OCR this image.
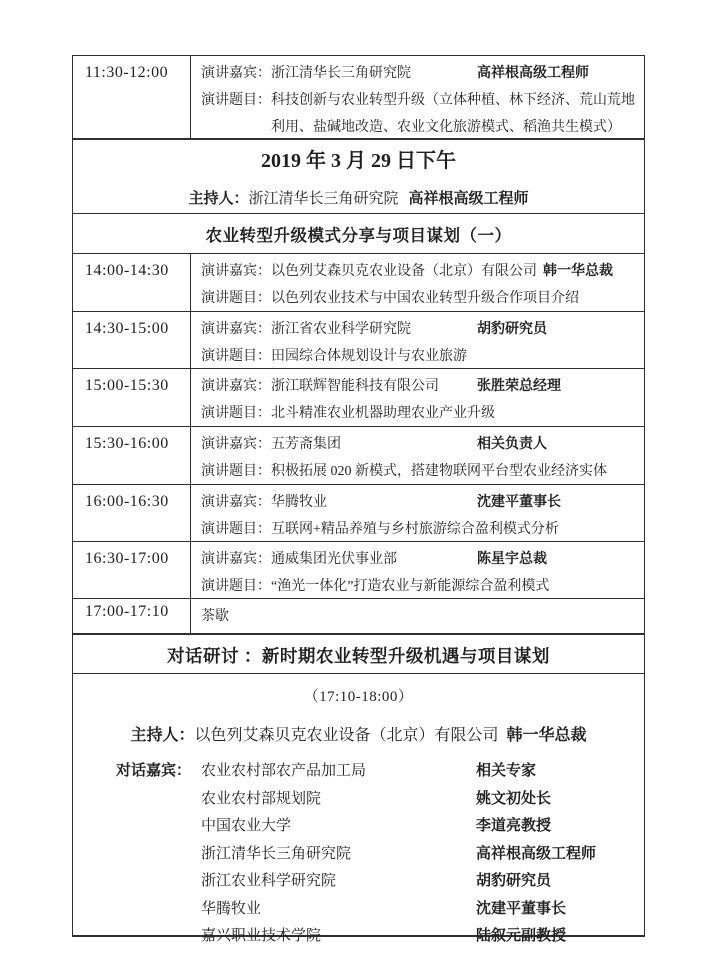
11:30-12:00	演讲嘉宾：浙江清华长三角研究院	高祥根高级工程师
演讲题目：科技创新与农业转型升级（立体种植、林下经济、荒山荒地利用、盐碱地改造、农业文化旅游模式、稻渔共生模式）
2019 年 3 月 29 日下午
主持人：浙江清华长三角研究院 高祥根高级工程师
农业转型升级模式分享与项目谋划（一）
14:00-14:30	演讲嘉宾：以色列艾森贝克农业设备（北京）有限公司 韩一华总裁
演讲题目：以色列农业技术与中国农业转型升级合作项目介绍
14:30-15:00	演讲嘉宾：浙江省农业科学研究院	胡豹研究员
演讲题目：田园综合体规划设计与农业旅游
15:00-15:30	演讲嘉宾：浙江联辉智能科技有限公司	张胜荣总经理
演讲题目：北斗精准农业机器助理农业产业升级
15:30-16:00	演讲嘉宾：五芳斋集团	相关负责人
演讲题目：积极拓展 020 新模式，搭建物联网平台型农业经济实体
16:00-16:30	演讲嘉宾：华腾牧业	沈建平董事长
演讲题目：互联网+精品养殖与乡村旅游综合盈利模式分析
16:30-17:00	演讲嘉宾：通威集团光伏事业部	陈星宇总裁
演讲题目：“渔光一体化”打造农业与新能源综合盈利模式
17:00-17:10	茶歇
对话研讨 ：新时期农业转型升级机遇与项目谋划
（17:10-18:00）
主持人：以色列艾森贝克农业设备（北京）有限公司 韩一华总裁
对话嘉宾： 农业农村部农产品加工局	相关专家
农业农村部规划院	姚文初处长
中国农业大学	李道亮教授
浙江清华长三角研究院	高祥根高级工程师
浙江农业科学研究院	胡豹研究员
华腾牧业	沈建平董事长
嘉兴职业技术学院	陆叙元副教授
